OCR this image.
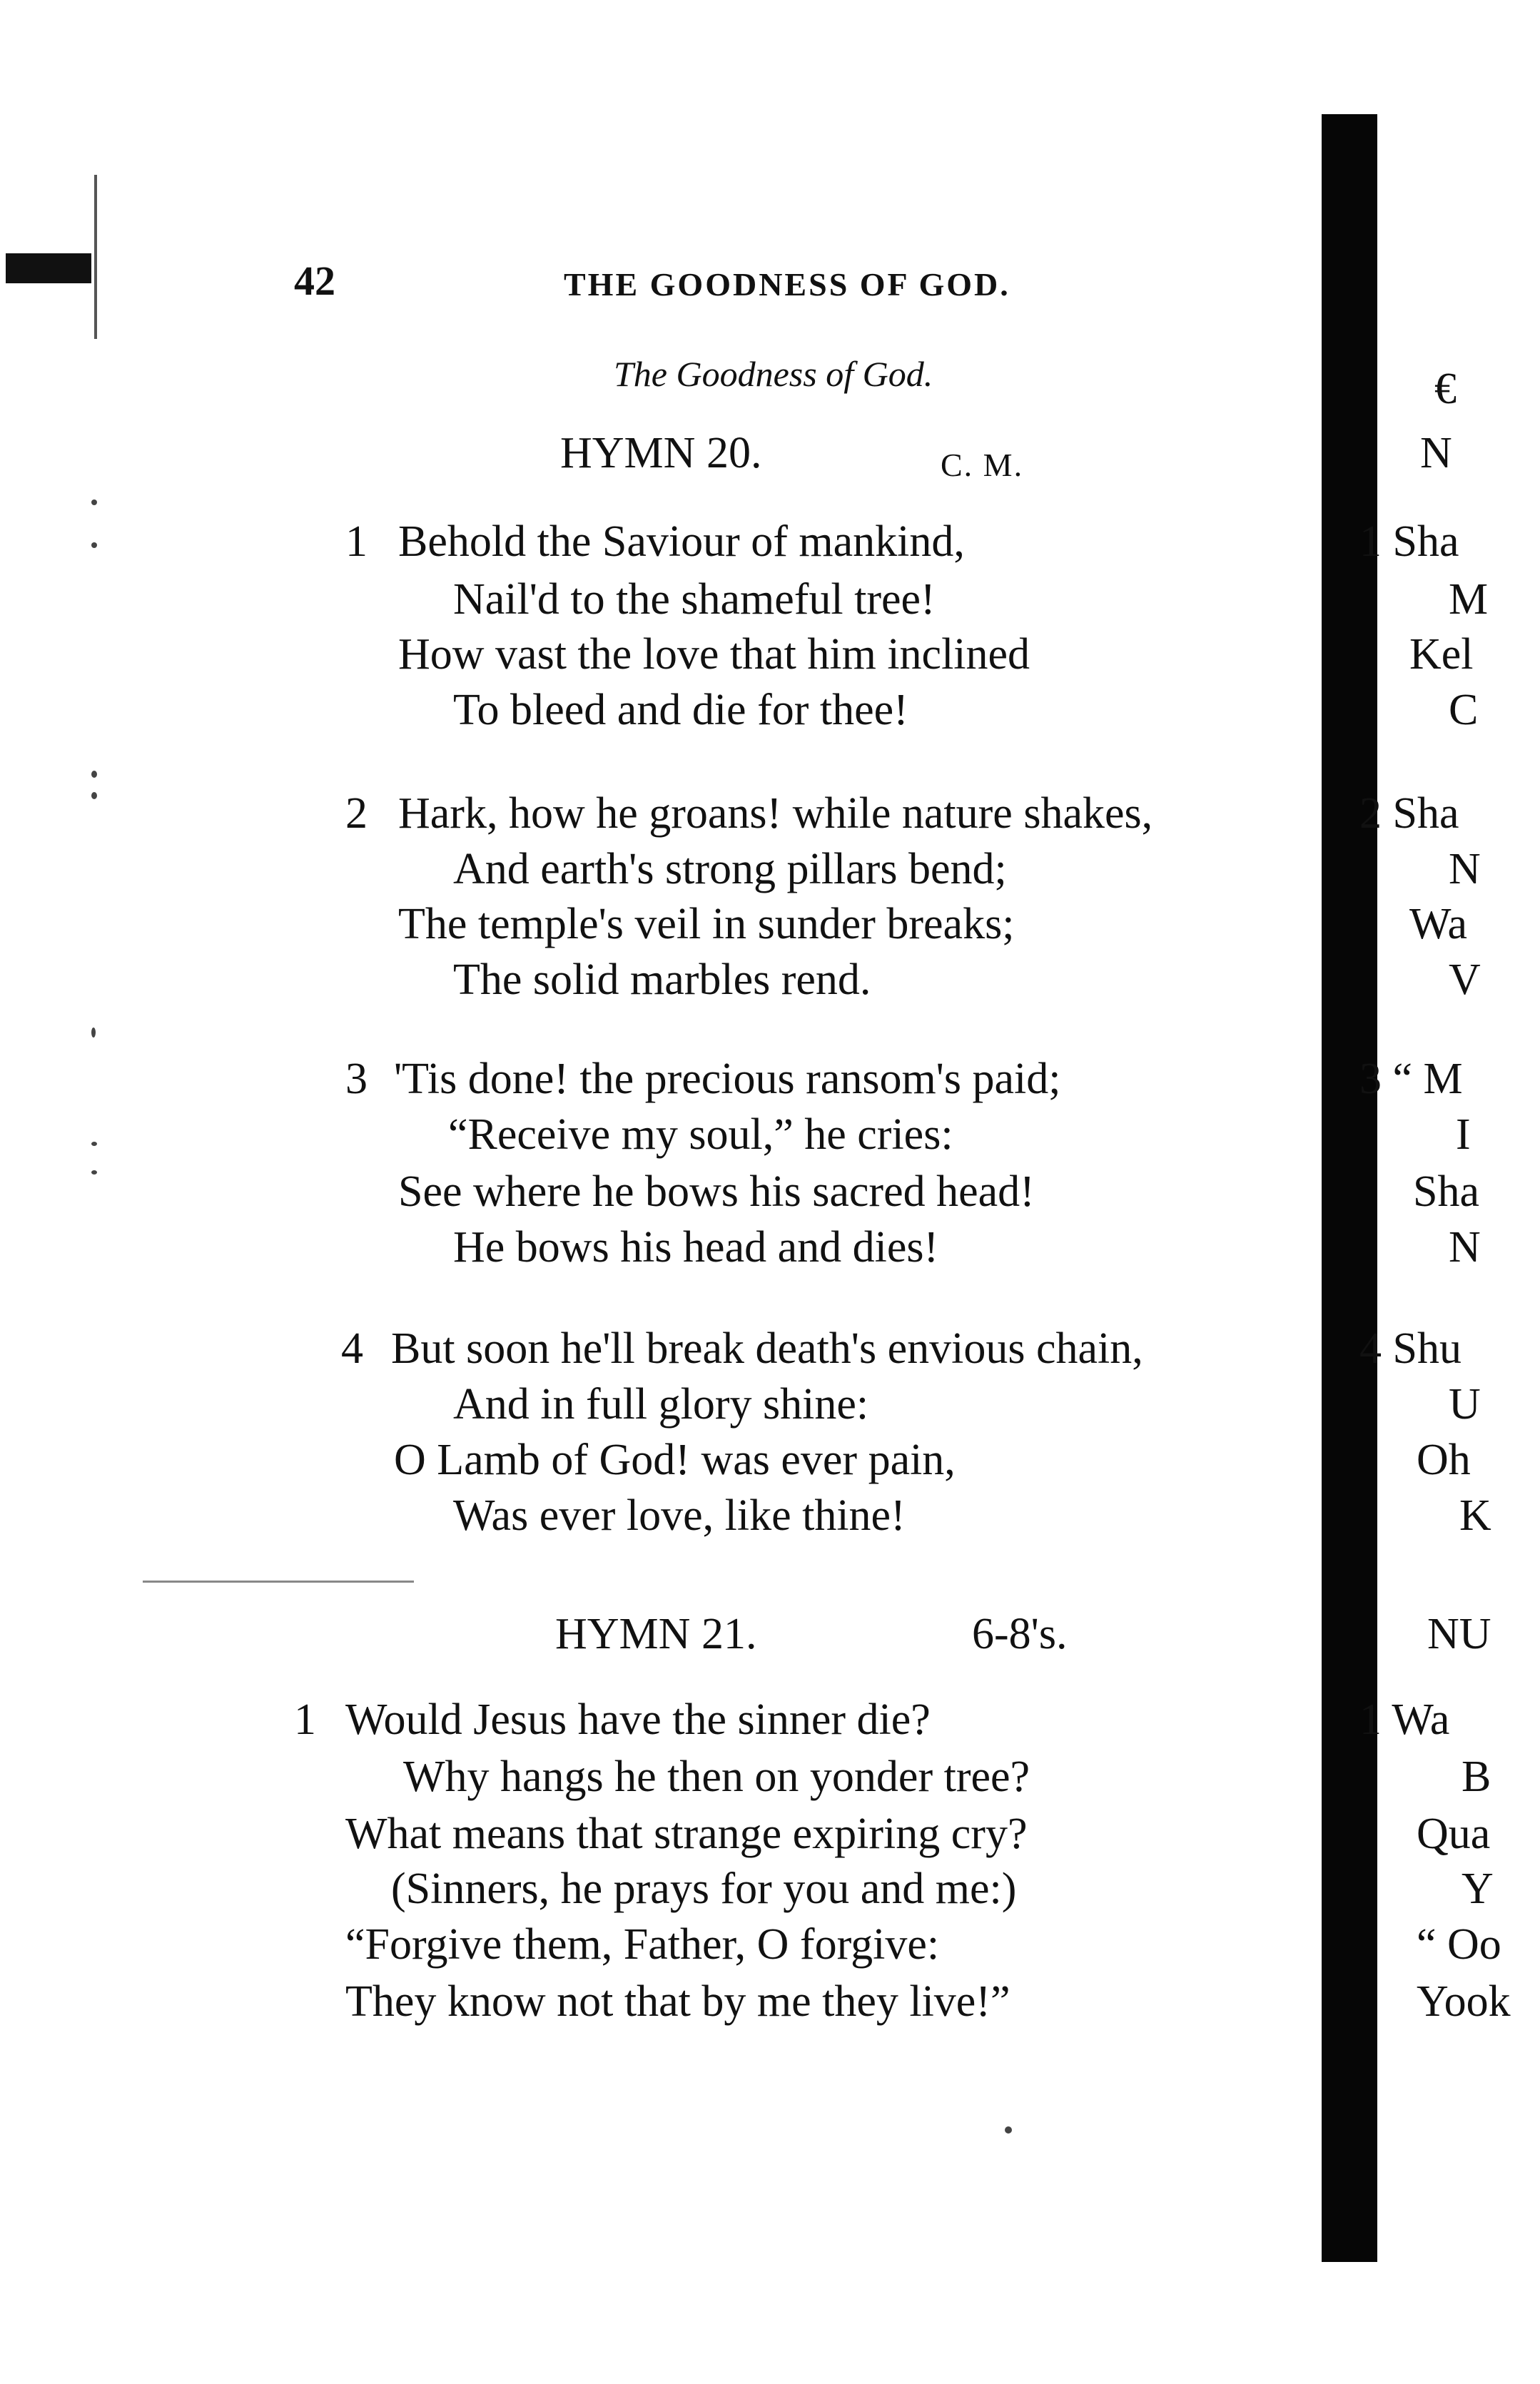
42	THE GOODNESS OF GOD.
The Goodness of God.
HYMN 20.	C. M.
1 Behold the Saviour of mankind,
Nail'd to the shameful tree!
How vast the love that him inclined
To bleed and die for thee!
2 Hark, how he groans! while nature shakes,
And earth's strong pillars bend;
The temple's veil in sunder breaks;
The solid marbles rend.
3 'Tis done! the precious ransom's paid;
“Receive my soul,” he cries:
See where he bows his sacred head!
He bows his head and dies!
4 But soon he'll break death's envious chain,
And in full glory shine:
O Lamb of God! was ever pain,
Was ever love, like thine!
HYMN 21.	6-8's.
1 Would Jesus have the sinner die?
Why hangs he then on yonder tree?
What means that strange expiring cry?
(Sinners, he prays for you and me:)
“Forgive them, Father, O forgive:
They know not that by me they live!”
€
N
1 Sha
M
Kel
C
2 Sha
N
Wa
V
3 “ M
I
Sha
N
4 Shu
U
Oh
K
NU
1 Wa
B
Qua
Y
“ Oo
Yook
